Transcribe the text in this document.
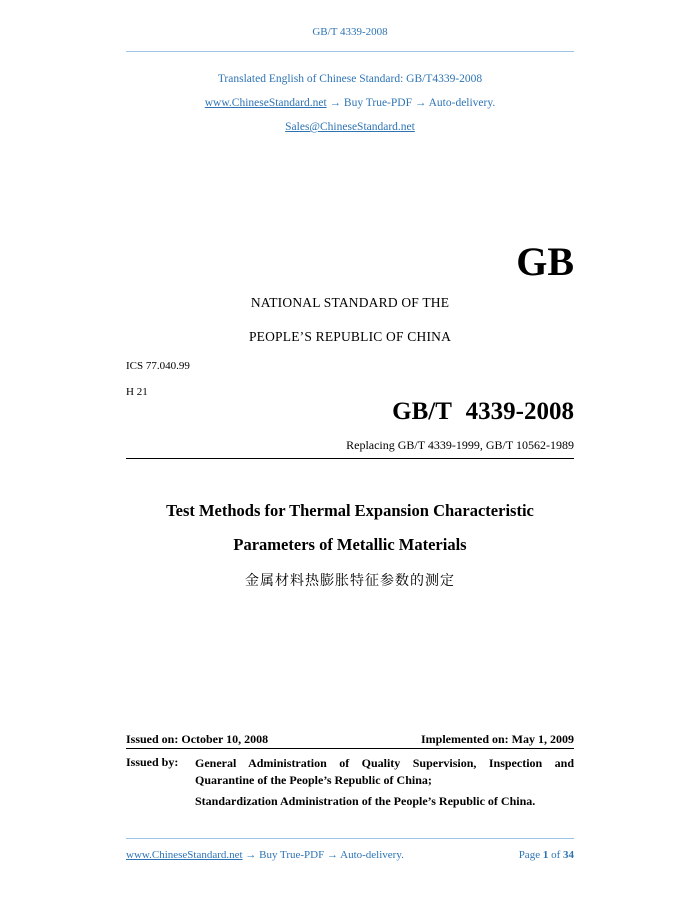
GB/T 4339-2008
Translated English of Chinese Standard: GB/T4339-2008
www.ChineseStandard.net → Buy True-PDF → Auto-delivery.
Sales@ChineseStandard.net
GB
NATIONAL STANDARD OF THE
PEOPLE’S REPUBLIC OF CHINA
ICS 77.040.99
H 21
GB/T 4339-2008
Replacing GB/T 4339-1999, GB/T 10562-1989
Test Methods for Thermal Expansion Characteristic
Parameters of Metallic Materials
金属材料热膨胀特征参数的测定
Issued on: October 10, 2008	Implemented on: May 1, 2009
Issued by: General Administration of Quality Supervision, Inspection and Quarantine of the People’s Republic of China;
Standardization Administration of the People’s Republic of China.
www.ChineseStandard.net → Buy True-PDF → Auto-delivery.	Page 1 of 34
